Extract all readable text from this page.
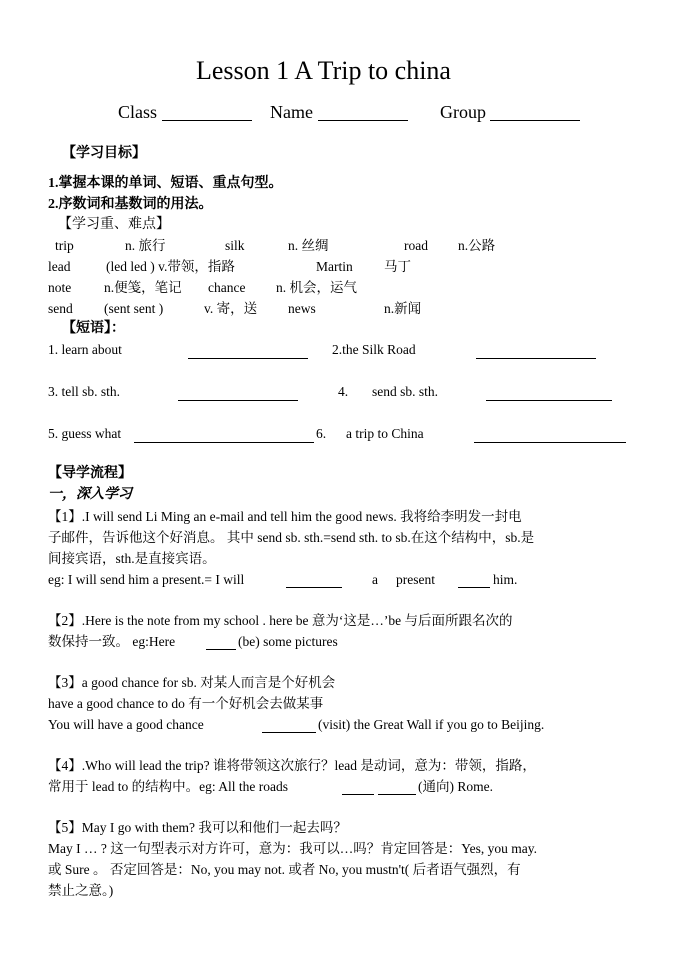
Lesson 1 A Trip to china
Class	Name	Group
【学习目标】
1.掌握本课的单词、短语、重点句型。
2.序数词和基数词的用法。
【学习重、难点】
trip	n. 旅行	silk	n. 丝绸	road n.公路
lead	(led led ) v.带领，指路	Martin 马丁
note n.便笺，笔记 chance n. 机会，运气
send (sent sent )	v. 寄，送 news	n.新闻
【短语】：
1. learn about	2.the Silk Road
3. tell sb. sth.	4. send sb. sth.
5. guess what	6. a trip to China
【导学流程】
一，深入学习
【1】.I will send Li Ming an e-mail and tell him the good news. 我将给李明发一封电
子邮件，告诉他这个好消息。 其中 send sb. sth.=send sth. to sb.在这个结构中，sb.是
间接宾语，sth.是直接宾语。
eg: I will send him a present.= I will	a present	him.
【2】.Here is the note from my school . here be 意为‘这是…’be 与后面所跟名次的
数保持一致。 eg:Here	(be) some pictures
【3】a good chance for sb. 对某人而言是个好机会
have a good chance to do 有一个好机会去做某事
You will have a good chance	(visit) the Great Wall if you go to Beijing.
【4】.Who will lead the trip? 谁将带领这次旅行？lead 是动词，意为：带领，指路，
常用于 lead to 的结构中。eg: All the roads	(通向) Rome.
【5】May I go with them? 我可以和他们一起去吗？
May I … ? 这一句型表示对方许可，意为：我可以…吗？肯定回答是：Yes, you may.
或 Sure 。 否定回答是：No, you may not. 或者 No, you mustn't( 后者语气强烈，有
禁止之意。)
